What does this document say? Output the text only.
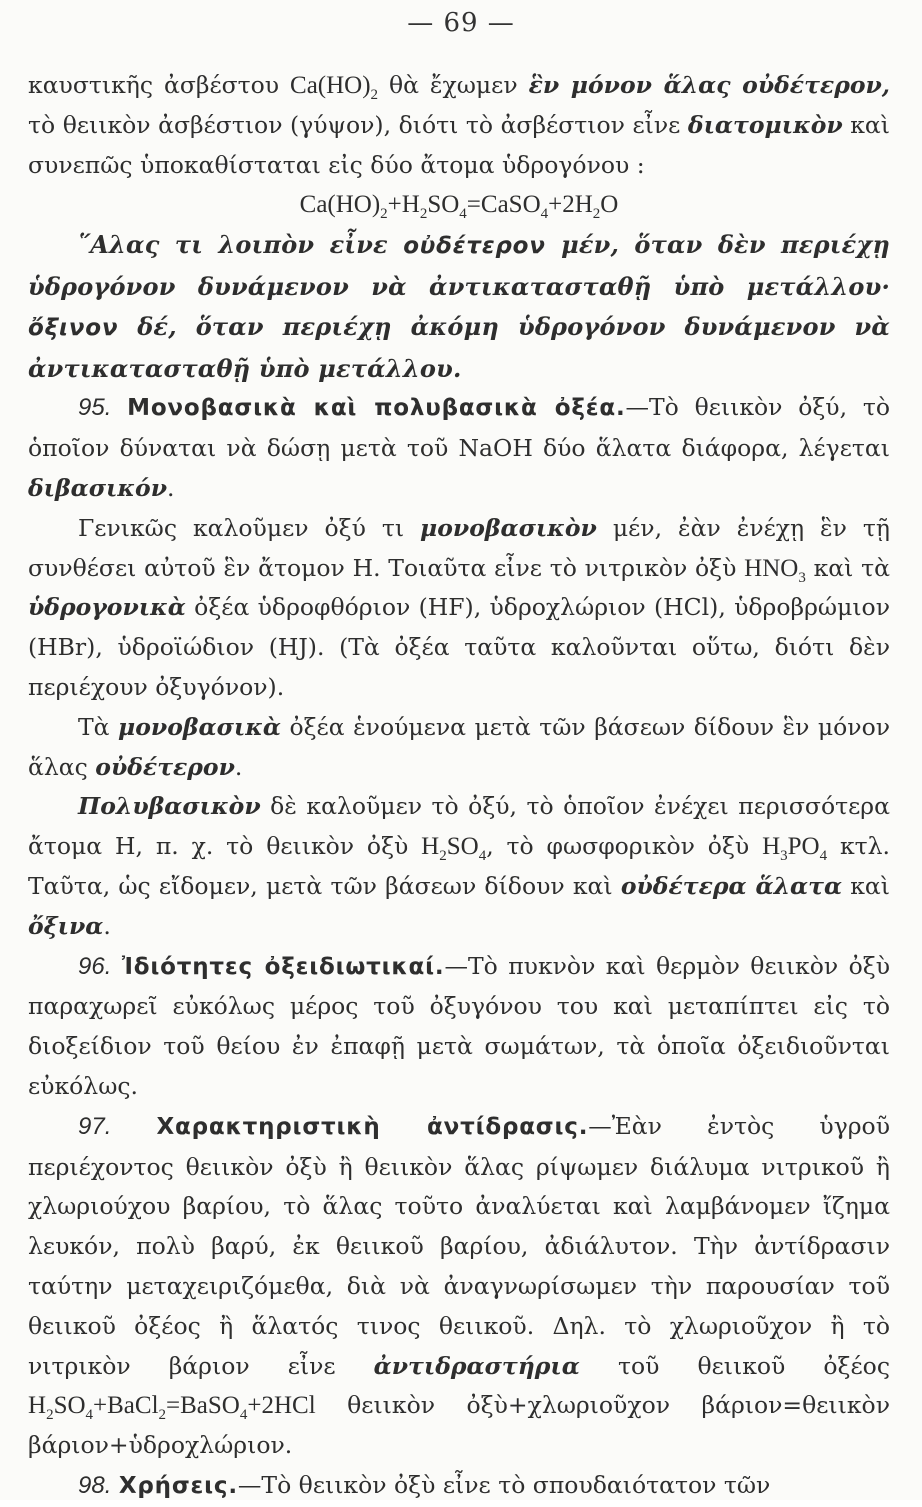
— 69 —

καυστικῆς ἀσβέστου $Ca(HO)_2$ θὰ ἔχωμεν ἓν μόνον ἅλας οὐδέτερον, τὸ θειικὸν ἀσβέστιον (γύψον), διότι τὸ ἀσβέστιον εἶνε διατομικὸν καὶ συνεπῶς ὑποκαθίσταται εἰς δύο ἄτομα ὑδρογόνου :

$Ca(HO)_2+H_2SO_4=CaSO_4+2H_2O$

῞Αλας τι λοιπὸν εἶνε οὐδέτερον μέν, ὅταν δὲν περιέχῃ ὑδρογόνον δυνάμενον νὰ ἀντικατασταθῇ ὑπὸ μετάλλου· ὄξινον δέ, ὅταν περιέχῃ ἀκόμη ὑδρογόνον δυνάμενον νὰ ἀντικατασταθῇ ὑπὸ μετάλλου.

95. Μονοβασικὰ καὶ πολυβασικὰ ὀξέα.—Τὸ θειικὸν ὀξύ, τὸ ὁποῖον δύναται νὰ δώσῃ μετὰ τοῦ NaOH δύο ἅλατα διάφορα, λέγεται διβασικόν.

Γενικῶς καλοῦμεν ὀξύ τι μονοβασικὸν μέν, ἐὰν ἐνέχῃ ἓν τῇ συνθέσει αὐτοῦ ἓν ἄτομον H. Τοιαῦτα εἶνε τὸ νιτρικὸν ὀξὺ $HNO_3$ καὶ τὰ ὑδρογονικὰ ὀξέα ὑδροφθόριον (HF), ὑδροχλώριον (HCl), ὑδροβρώμιον (HBr), ὑδροϊώδιον (HJ). (Τὰ ὀξέα ταῦτα καλοῦνται οὕτω, διότι δὲν περιέχουν ὀξυγόνον).

Τὰ μονοβασικὰ ὀξέα ἑνούμενα μετὰ τῶν βάσεων δίδουν ἓν μόνον ἅλας οὐδέτερον.

Πολυβασικὸν δὲ καλοῦμεν τὸ ὀξύ, τὸ ὁποῖον ἐνέχει περισσότερα ἄτομα H, π. χ. τὸ θειικὸν ὀξὺ $H_2SO_4$, τὸ φωσφορικὸν ὀξὺ $H_3PO_4$ κτλ. Ταῦτα, ὡς εἴδομεν, μετὰ τῶν βάσεων δίδουν καὶ οὐδέτερα ἅλατα καὶ ὄξινα.

96. Ἰδιότητες ὀξειδιωτικαί.—Τὸ πυκνὸν καὶ θερμὸν θειικὸν ὀξὺ παραχωρεῖ εὐκόλως μέρος τοῦ ὀξυγόνου του καὶ μεταπίπτει εἰς τὸ διοξείδιον τοῦ θείου ἐν ἐπαφῇ μετὰ σωμάτων, τὰ ὁποῖα ὀξειδιοῦνται εὐκόλως.

97. Χαρακτηριστικὴ ἀντίδρασις.—Ἐὰν ἐντὸς ὑγροῦ περιέχοντος θειικὸν ὀξὺ ἢ θειικὸν ἅλας ρίψωμεν διάλυμα νιτρικοῦ ἢ χλωριούχου βαρίου, τὸ ἅλας τοῦτο ἀναλύεται καὶ λαμβάνομεν ἴζημα λευκόν, πολὺ βαρύ, ἐκ θειικοῦ βαρίου, ἀδιάλυτον. Τὴν ἀντίδρασιν ταύτην μεταχειριζόμεθα, διὰ νὰ ἀναγνωρίσωμεν τὴν παρουσίαν τοῦ θειικοῦ ὀξέος ἢ ἅλατός τινος θειικοῦ. Δηλ. τὸ χλωριοῦχον ἢ τὸ νιτρικὸν βάριον εἶνε ἀντιδραστήρια τοῦ θειικοῦ ὀξέος $H_2SO_4+BaCl_2=BaSO_4+2HCl$ θειικὸν ὀξὺ+χλωριοῦχον βάριον=θειικὸν βάριον+ὑδροχλώριον.

98. Χρήσεις.—Τὸ θειικὸν ὀξὺ εἶνε τὸ σπουδαιότατον τῶν
